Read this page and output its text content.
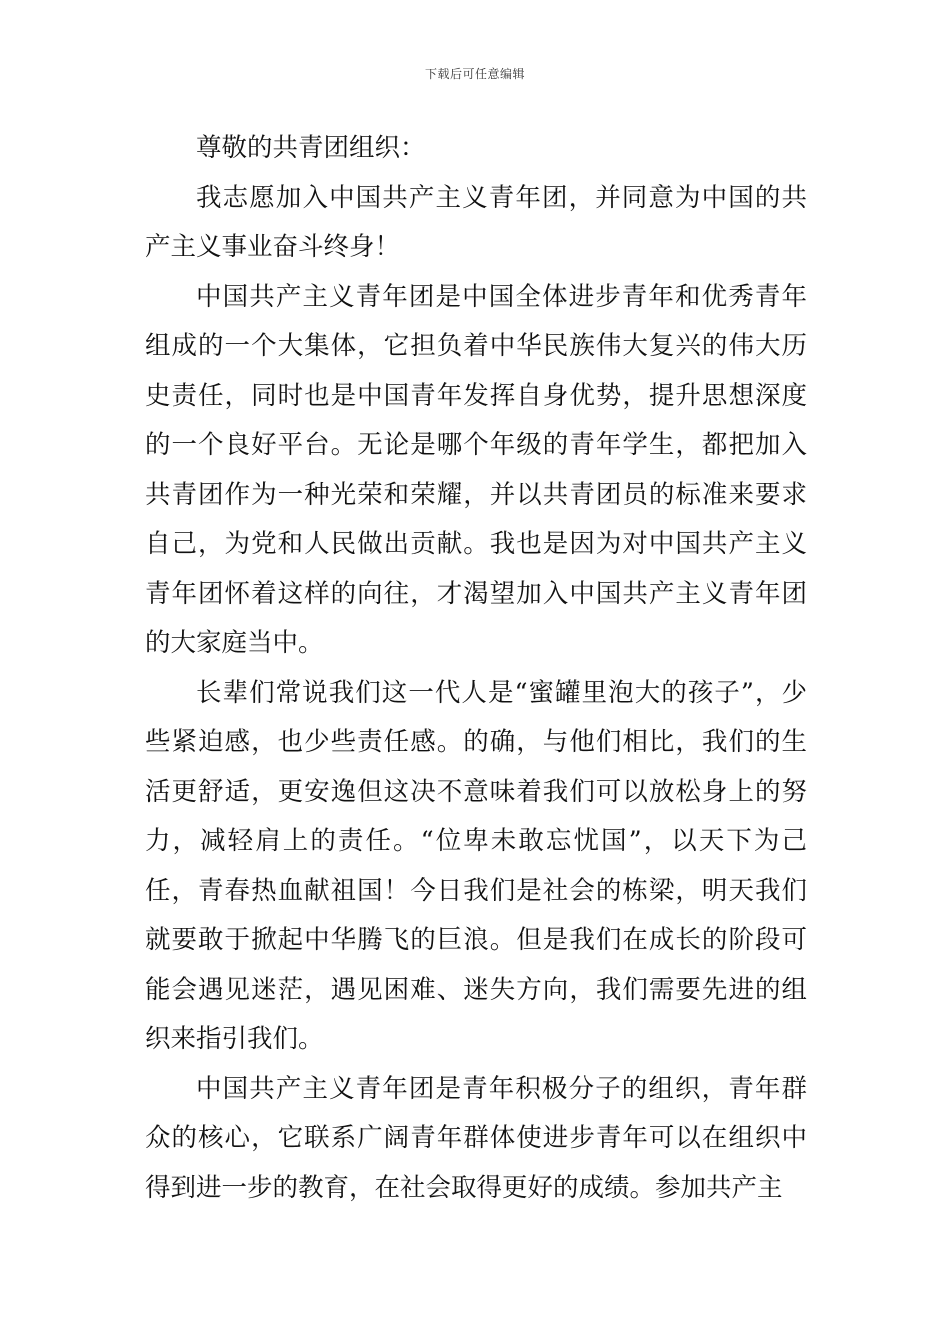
下载后可任意编辑

尊敬的共青团组织：

我志愿加入中国共产主义青年团，并同意为中国的共产主义事业奋斗终身！

中国共产主义青年团是中国全体进步青年和优秀青年组成的一个大集体，它担负着中华民族伟大复兴的伟大历史责任，同时也是中国青年发挥自身优势，提升思想深度的一个良好平台。无论是哪个年级的青年学生，都把加入共青团作为一种光荣和荣耀，并以共青团员的标准来要求自己，为党和人民做出贡献。我也是因为对中国共产主义青年团怀着这样的向往，才渴望加入中国共产主义青年团的大家庭当中。

长辈们常说我们这一代人是“蜜罐里泡大的孩子”，少些紧迫感，也少些责任感。的确，与他们相比，我们的生活更舒适，更安逸但这决不意味着我们可以放松身上的努力，减轻肩上的责任。“位卑未敢忘忧国”，以天下为己任，青春热血献祖国！今日我们是社会的栋梁，明天我们就要敢于掀起中华腾飞的巨浪。但是我们在成长的阶段可能会遇见迷茫，遇见困难、迷失方向，我们需要先进的组织来指引我们。

中国共产主义青年团是青年积极分子的组织，青年群众的核心，它联系广阔青年群体使进步青年可以在组织中得到进一步的教育，在社会取得更好的成绩。参加共产主
